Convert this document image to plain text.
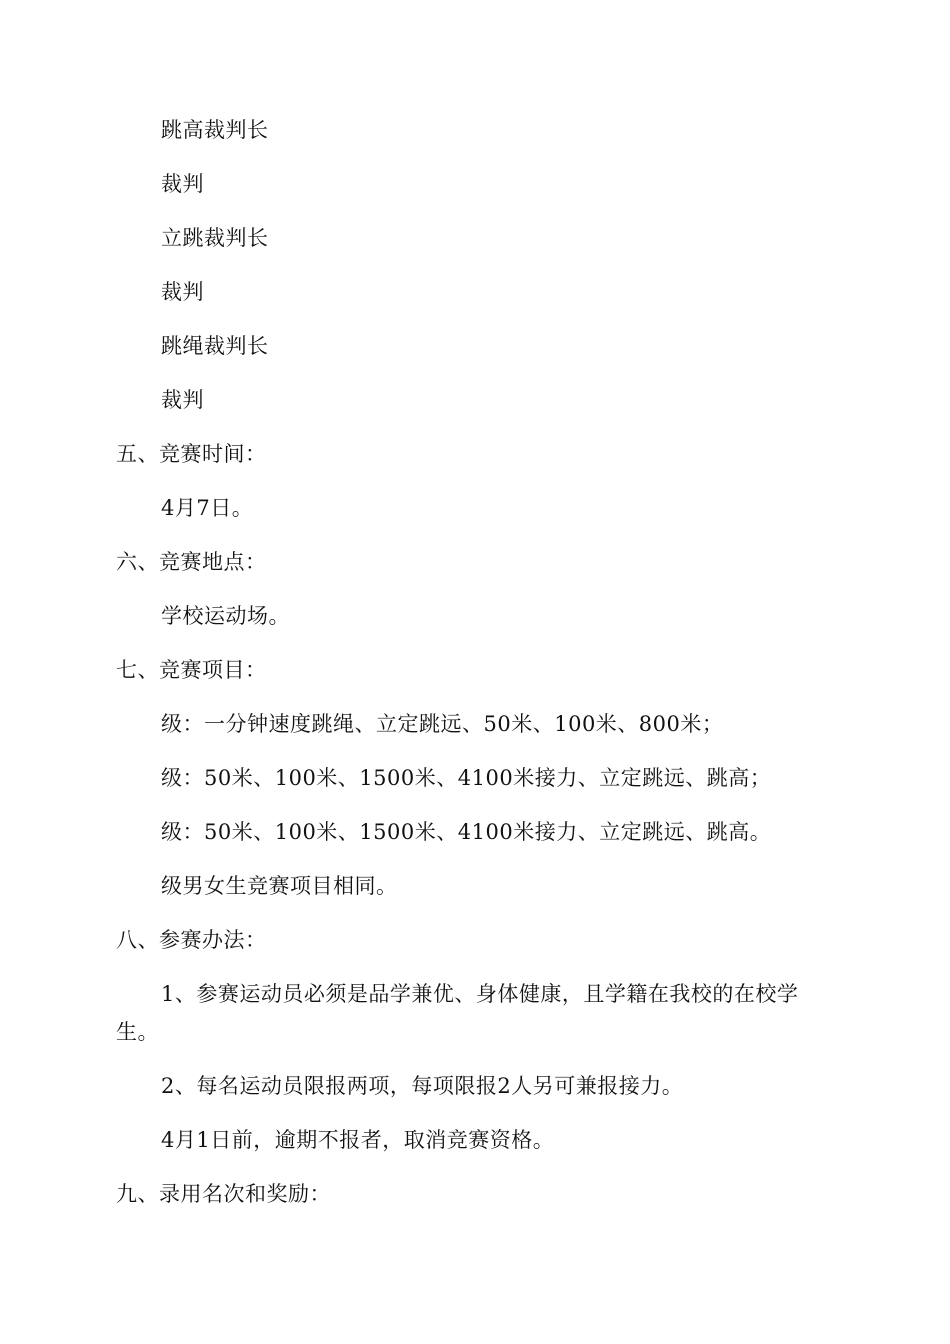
跳高裁判长
裁判
立跳裁判长
裁判
跳绳裁判长
裁判
五、竞赛时间：
4月7日。
六、竞赛地点：
学校运动场。
七、竞赛项目：
级：一分钟速度跳绳、立定跳远、50米、100米、800米；
级：50米、100米、1500米、4100米接力、立定跳远、跳高；
级：50米、100米、1500米、4100米接力、立定跳远、跳高。
级男女生竞赛项目相同。
八、参赛办法：
1、参赛运动员必须是品学兼优、身体健康，且学籍在我校的在校学
生。
2、每名运动员限报两项，每项限报2人另可兼报接力。
4月1日前，逾期不报者，取消竞赛资格。
九、录用名次和奖励：
